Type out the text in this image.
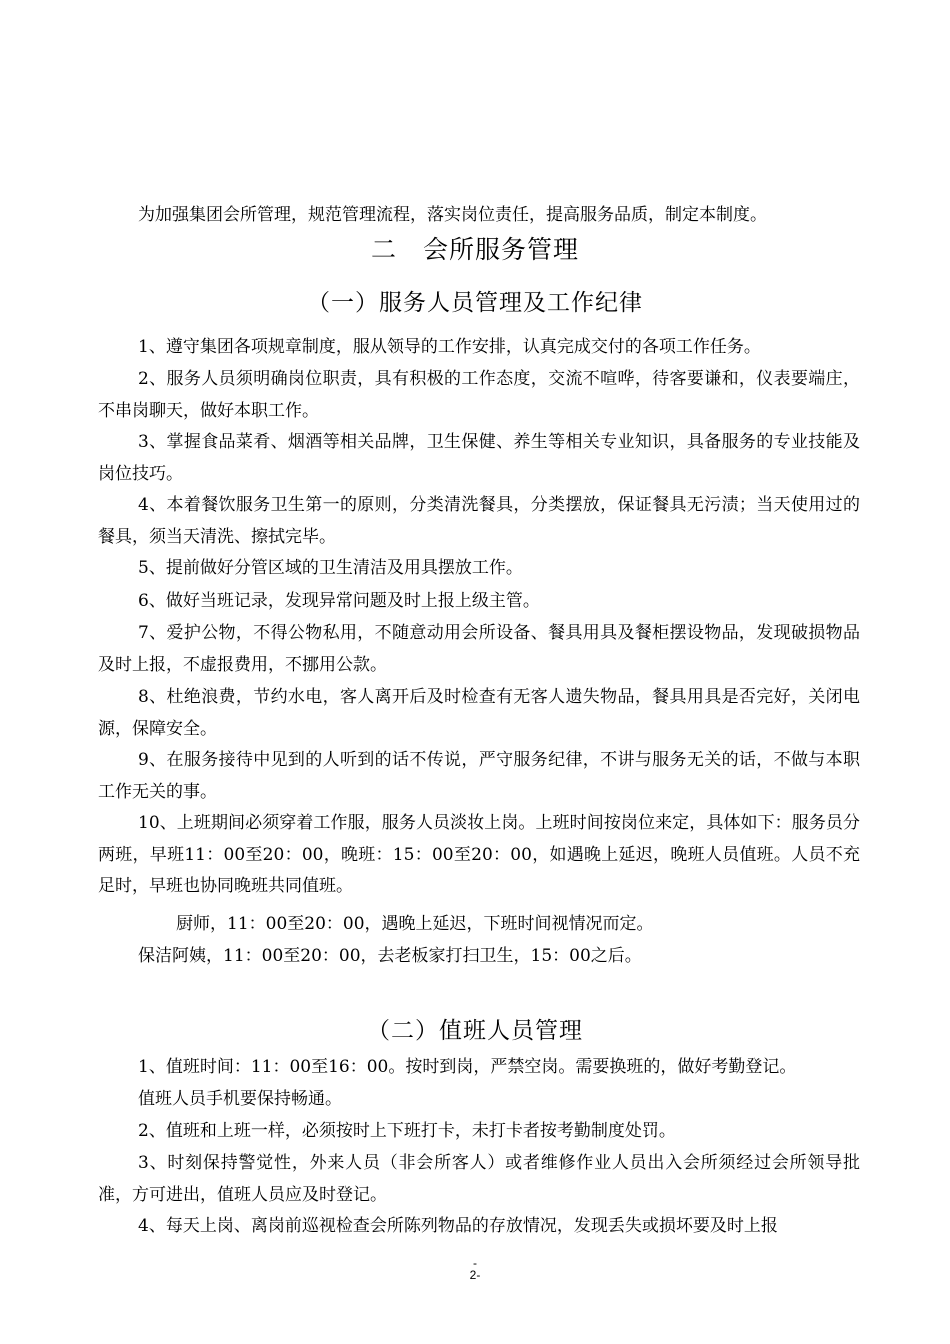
为加强集团会所管理，规范管理流程，落实岗位责任，提高服务品质，制定本制度。
二　会所服务管理
（一）服务人员管理及工作纪律

1、遵守集团各项规章制度，服从领导的工作安排，认真完成交付的各项工作任务。

2、服务人员须明确岗位职责，具有积极的工作态度，交流不喧哗，待客要谦和，仪表要端庄，不串岗聊天，做好本职工作。

3、掌握食品菜肴、烟酒等相关品牌，卫生保健、养生等相关专业知识，具备服务的专业技能及岗位技巧。

4、本着餐饮服务卫生第一的原则，分类清洗餐具，分类摆放，保证餐具无污渍；当天使用过的餐具，须当天清洗、擦拭完毕。

5、提前做好分管区域的卫生清洁及用具摆放工作。

6、做好当班记录，发现异常问题及时上报上级主管。

7、爱护公物，不得公物私用，不随意动用会所设备、餐具用具及餐柜摆设物品，发现破损物品及时上报，不虚报费用，不挪用公款。

8、杜绝浪费，节约水电，客人离开后及时检查有无客人遗失物品，餐具用具是否完好，关闭电源，保障安全。

9、在服务接待中见到的人听到的话不传说，严守服务纪律，不讲与服务无关的话，不做与本职工作无关的事。

10、上班期间必须穿着工作服，服务人员淡妆上岗。上班时间按岗位来定，具体如下：服务员分两班，早班11：00至20：00，晚班：15：00至20：00，如遇晚上延迟，晚班人员值班。人员不充足时，早班也协同晚班共同值班。

厨师，11：00至20：00，遇晚上延迟，下班时间视情况而定。
保洁阿姨，11：00至20：00，去老板家打扫卫生，15：00之后。
（二）值班人员管理

1、值班时间：11：00至16：00。按时到岗，严禁空岗。需要换班的，做好考勤登记。

值班人员手机要保持畅通。

2、值班和上班一样，必须按时上下班打卡，未打卡者按考勤制度处罚。

3、时刻保持警觉性，外来人员（非会所客人）或者维修作业人员出入会所须经过会所领导批准，方可进出，值班人员应及时登记。

4、每天上岗、离岗前巡视检查会所陈列物品的存放情况，发现丢失或损坏要及时上报

-
2-
